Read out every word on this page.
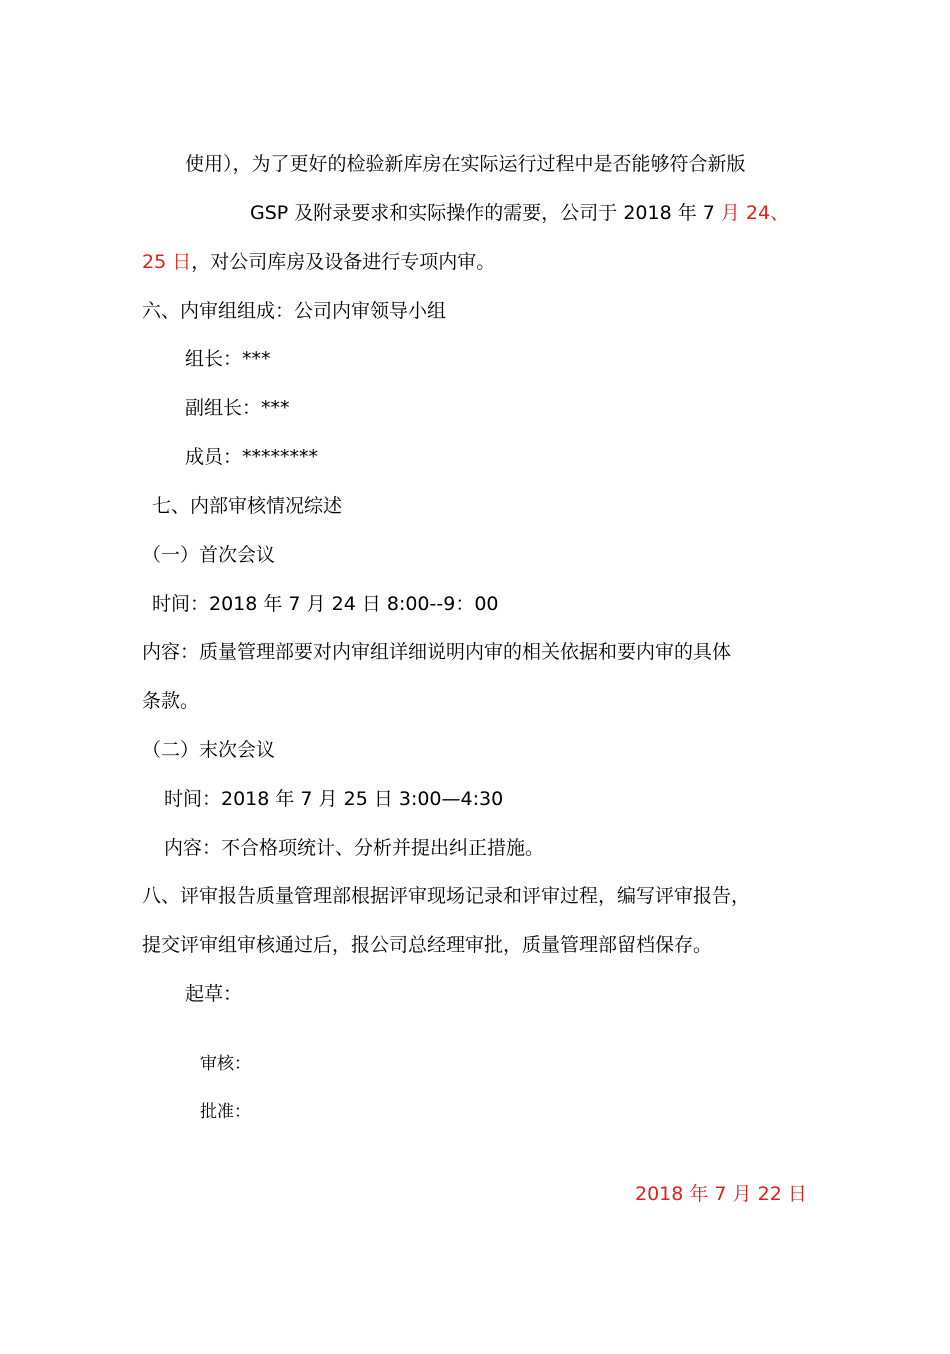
使用），为了更好的检验新库房在实际运行过程中是否能够符合新版

GSP 及附录要求和实际操作的需要，公司于 2018 年 7 月 24、

25 日，对公司库房及设备进行专项内审。

六、内审组组成：公司内审领导小组

组长：***

副组长：***

成员：********

七、内部审核情况综述

（一）首次会议

时间：2018 年 7 月 24 日 8:00--9：00

内容：质量管理部要对内审组详细说明内审的相关依据和要内审的具体

条款。

（二）末次会议

时间：2018 年 7 月 25 日 3:00—4:30

内容：不合格项统计、分析并提出纠正措施。

八、评审报告质量管理部根据评审现场记录和评审过程，编写评审报告，

提交评审组审核通过后，报公司总经理审批，质量管理部留档保存。

起草：

审核：

批准：

2018 年 7 月 22 日
